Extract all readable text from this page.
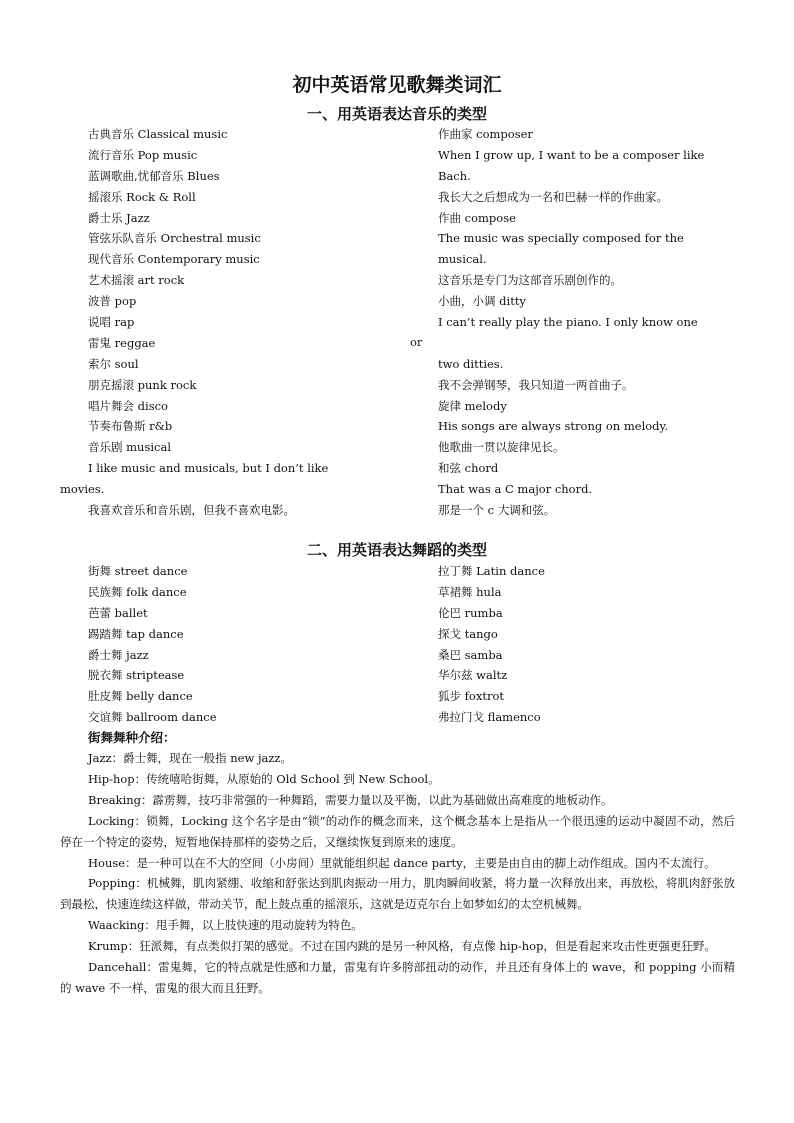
初中英语常见歌舞类词汇
一、用英语表达音乐的类型
古典音乐 Classical music
流行音乐 Pop music
蓝调歌曲,忧郁音乐 Blues
摇滚乐 Rock & Roll
爵士乐 Jazz
管弦乐队音乐 Orchestral music
现代音乐 Contemporary music
艺术摇滚 art rock
波普 pop
说唱 rap
雷鬼 reggae
索尔 soul
朋克摇滚 punk rock
唱片舞会 disco
节奏布鲁斯 r&b
音乐剧 musical
I like music and musicals, but I don’t like
movies.
我喜欢音乐和音乐剧，但我不喜欢电影。
or
作曲家 composer
When I grow up, I want to be a composer like
Bach.
我长大之后想成为一名和巴赫一样的作曲家。
作曲 compose
The music was specially composed for the
musical.
这音乐是专门为这部音乐剧创作的。
小曲，小调 ditty
I can’t really play the piano. I only know one
two ditties.
我不会弹钢琴，我只知道一两首曲子。
旋律 melody
His songs are always strong on melody.
他歌曲一贯以旋律见长。
和弦 chord
That was a C major chord.
那是一个 c 大调和弦。
二、用英语表达舞蹈的类型
街舞 street dance
民族舞 folk dance
芭蕾 ballet
踢踏舞 tap dance
爵士舞 jazz
脱衣舞 striptease
肚皮舞 belly dance
交谊舞 ballroom dance
拉丁舞 Latin dance
草裙舞 hula
伦巴 rumba
探戈 tango
桑巴 samba
华尔兹 waltz
狐步 foxtrot
弗拉门戈 flamenco
街舞舞种介绍：

Jazz：爵士舞，现在一般指 new jazz。

Hip-hop：传统嘻哈街舞，从原始的 Old School 到 New School。

Breaking：霹雳舞，技巧非常强的一种舞蹈，需要力量以及平衡，以此为基础做出高难度的地板动作。

Locking：锁舞，Locking 这个名字是由“锁”的动作的概念而来，这个概念基本上是指从一个很迅速的运动中凝固不动，然后停在一个特定的姿势，短暂地保持那样的姿势之后，又继续恢复到原来的速度。

House：是一种可以在不大的空间（小房间）里就能组织起 dance party，主要是由自由的脚上动作组成。国内不太流行。

Popping：机械舞，肌肉紧绷、收缩和舒张达到肌肉振动一用力，肌肉瞬间收紧，将力量一次释放出来，再放松，将肌肉舒张放到最松，快速连续这样做，带动关节，配上鼓点重的摇滚乐，这就是迈克尔台上如梦如幻的太空机械舞。

Waacking：甩手舞，以上肢快速的甩动旋转为特色。

Krump：狂派舞，有点类似打架的感觉。不过在国内跳的是另一种风格，有点像 hip-hop，但是看起来攻击性更强更狂野。

Dancehall：雷鬼舞，它的特点就是性感和力量，雷鬼有许多胯部扭动的动作，并且还有身体上的 wave，和 popping 小而精的 wave 不一样，雷鬼的很大而且狂野。
